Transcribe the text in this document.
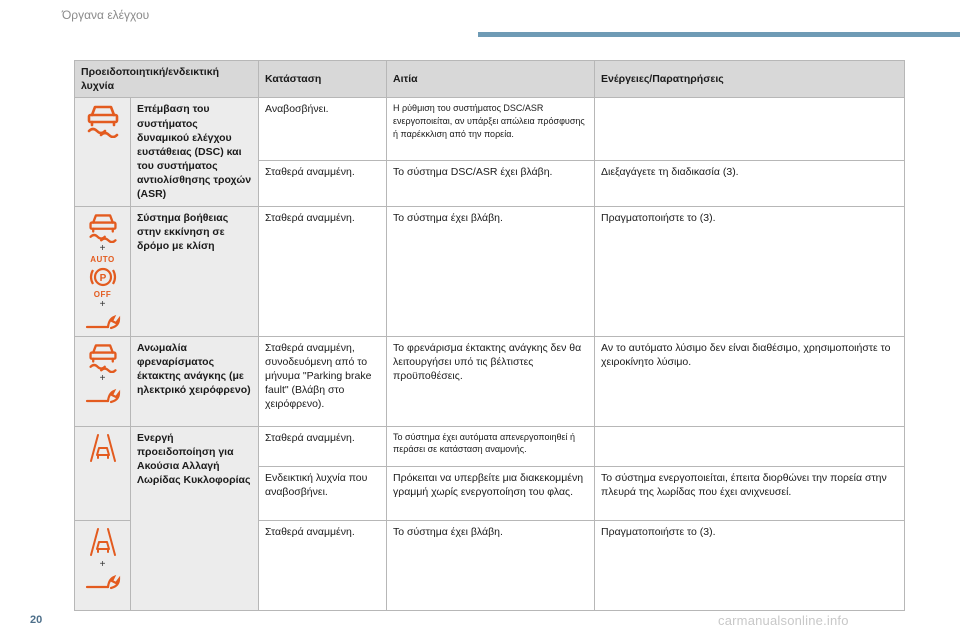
Όργανα ελέγχου
Προειδοποιητική/ενδεικτική λυχνία		Κατάσταση	Αιτία	Ενέργειες/Παρατηρήσεις

	Επέμβαση του συστήματος δυναμικού ελέγχου ευστάθειας (DSC) και του συστήματος αντιολίσθησης τροχών (ASR)	Αναβοσβήνει.	Η ρύθμιση του συστήματος DSC/ASR ενεργοποιείται, αν υπάρξει απώλεια πρόσφυσης ή παρέκκλιση από την πορεία.	
		Σταθερά αναμμένη.	Το σύστημα DSC/ASR έχει βλάβη.	Διεξαγάγετε τη διαδικασία (3).

+
AUTO
P
OFF
+	Σύστημα βοήθειας στην εκκίνηση σε δρόμο με κλίση	Σταθερά αναμμένη.	Το σύστημα έχει βλάβη.	Πραγματοποιήστε το (3).

+	Ανωμαλία φρεναρίσματος έκτακτης ανάγκης (με ηλεκτρικό χειρόφρενο)	Σταθερά αναμμένη, συνοδευόμενη από το μήνυμα "Parking brake fault" (Βλάβη στο χειρόφρενο).	Το φρενάρισμα έκτακτης ανάγκης δεν θα λειτουργήσει υπό τις βέλτιστες προϋποθέσεις.	Αν το αυτόματο λύσιμο δεν είναι διαθέσιμο, χρησιμοποιήστε το χειροκίνητο λύσιμο.

	Ενεργή προειδοποίηση για Ακούσια Αλλαγή Λωρίδας Κυκλοφορίας	Σταθερά αναμμένη.	Το σύστημα έχει αυτόματα απενεργοποιηθεί ή περάσει σε κατάσταση αναμονής.	
		Ενδεικτική λυχνία που αναβοσβήνει.	Πρόκειται να υπερβείτε μια διακεκομμένη γραμμή χωρίς ενεργοποίηση του φλας.	Το σύστημα ενεργοποιείται, έπειτα διορθώνει την πορεία στην πλευρά της λωρίδας που έχει ανιχνευσεί.

+		Σταθερά αναμμένη.	Το σύστημα έχει βλάβη.	Πραγματοποιήστε το (3).
20	carmanualsonline.info
